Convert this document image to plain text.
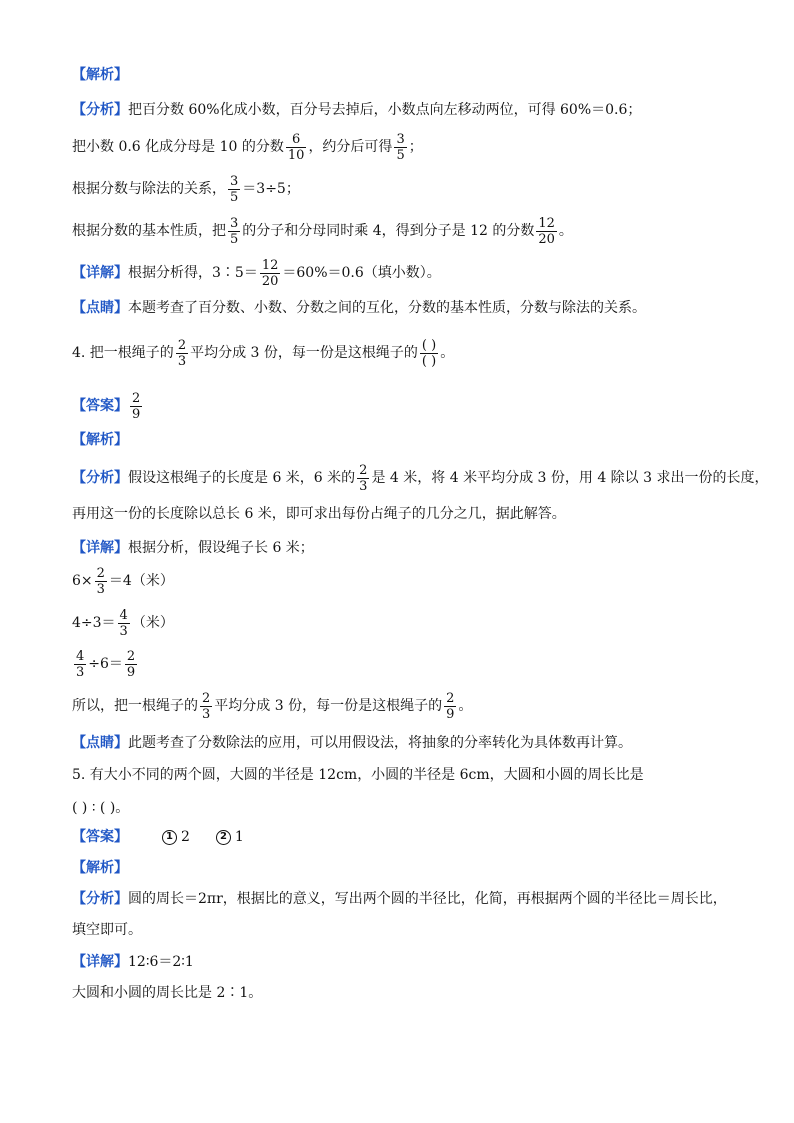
【解析】
【分析】 把百分数 60%化成小数，百分号去掉后，小数点向左移动两位，可得 60%＝0.6；
把小数 0.6 化成分母是 10 的分数 $\frac{6}{10}$ ，约分后可得 $\frac{3}{5}$ ；
根据分数与除法的关系， $\frac{3}{5} =3\div 5$；
根据分数的基本性质，把 $\frac{3}{5}$ 的分子和分母同时乘 4，得到分子是 12 的分数 $\frac{12}{20}$ 。
【详解】 根据分析得，3∶5＝ $\frac{12}{20} =60\%=0.6$（填小数）。
【点睛】 本题考查了百分数、小数、分数之间的互化，分数的基本性质，分数与除法的关系。
4. 把一根绳子的 $\frac{2}{3}$ 平均分成 3 份，每一份是这根绳子的 $\frac{( )}{( )}$ 。
【答案】 $\frac{2}{9}$
【解析】
【分析】 假设这根绳子的长度是 6 米，6 米的 $\frac{2}{3}$ 是 4 米，将 4 米平均分成 3 份，用 4 除以 3 求出一份的长度，
再用这一份的长度除以总长 6 米，即可求出每份占绳子的几分之几，据此解答。
【详解】 根据分析，假设绳子长 6 米；
$6\times \frac{2}{3} =4$（米）
$4\div 3= \frac{4}{3}$ （米）
$\frac{4}{3} \div 6= \frac{2}{9}$
所以，把一根绳子的 $\frac{2}{3}$ 平均分成 3 份，每一份是这根绳子的 $\frac{2}{9}$ 。
【点睛】 此题考查了分数除法的应用，可以用假设法，将抽象的分率转化为具体数再计算。
5. 有大小不同的两个圆，大圆的半径是 12cm，小圆的半径是 6cm，大圆和小圆的周长比是
( ) ∶ ( )。
【答案】	1 2	2 1
【解析】
【分析】 圆的周长＝2πr，根据比的意义，写出两个圆的半径比，化简，再根据两个圆的半径比＝周长比，
填空即可。
【详解】 12∶6＝2∶1
大圆和小圆的周长比是 2∶1。
